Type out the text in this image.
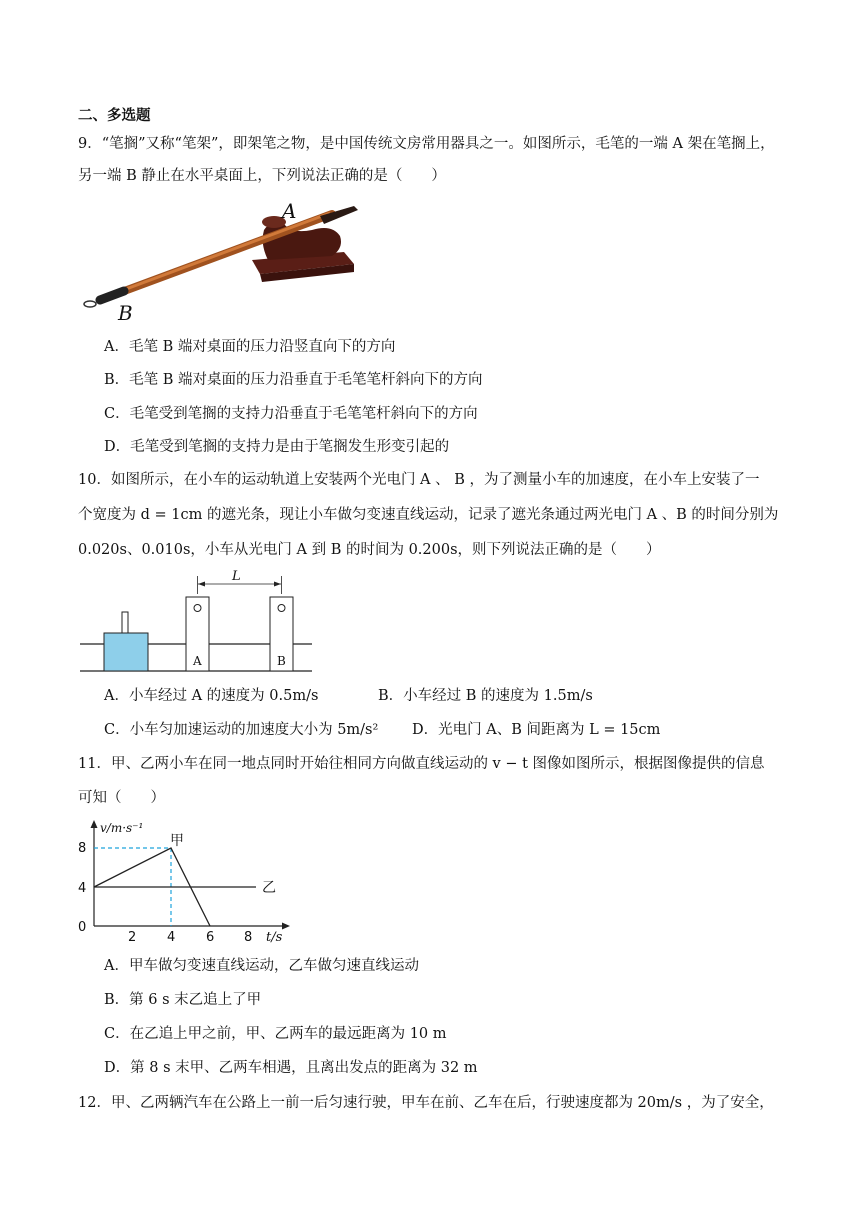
二、多选题
9．“笔搁”又称“笔架”，即架笔之物，是中国传统文房常用器具之一。如图所示，毛笔的一端 A 架在笔搁上，
另一端 B 静止在水平桌面上，下列说法正确的是（　　）
A
B
A．毛笔 B 端对桌面的压力沿竖直向下的方向
B．毛笔 B 端对桌面的压力沿垂直于毛笔笔杆斜向下的方向
C．毛笔受到笔搁的支持力沿垂直于毛笔笔杆斜向下的方向
D．毛笔受到笔搁的支持力是由于笔搁发生形变引起的
10．如图所示，在小车的运动轨道上安装两个光电门 A 、 B ，为了测量小车的加速度，在小车上安装了一
个宽度为 d = 1cm 的遮光条，现让小车做匀变速直线运动，记录了遮光条通过两光电门 A 、B 的时间分别为
0.020s、0.010s，小车从光电门 A 到 B 的时间为 0.200s，则下列说法正确的是（　　）
L
A	B
A．小车经过 A 的速度为 0.5m/s	B．小车经过 B 的速度为 1.5m/s
C．小车匀加速运动的加速度大小为 5m/s² D．光电门 A、B 间距离为 L = 15cm
11．甲、乙两小车在同一地点同时开始往相同方向做直线运动的 v − t 图像如图所示，根据图像提供的信息
可知（　　）
8
4
0
2 4 6 8 t/s
v/m·s⁻¹
甲
乙
A．甲车做匀变速直线运动，乙车做匀速直线运动
B．第 6 s 末乙追上了甲
C．在乙追上甲之前，甲、乙两车的最远距离为 10 m
D．第 8 s 末甲、乙两车相遇，且离出发点的距离为 32 m
12．甲、乙两辆汽车在公路上一前一后匀速行驶，甲车在前、乙车在后，行驶速度都为 20m/s ，为了安全，
